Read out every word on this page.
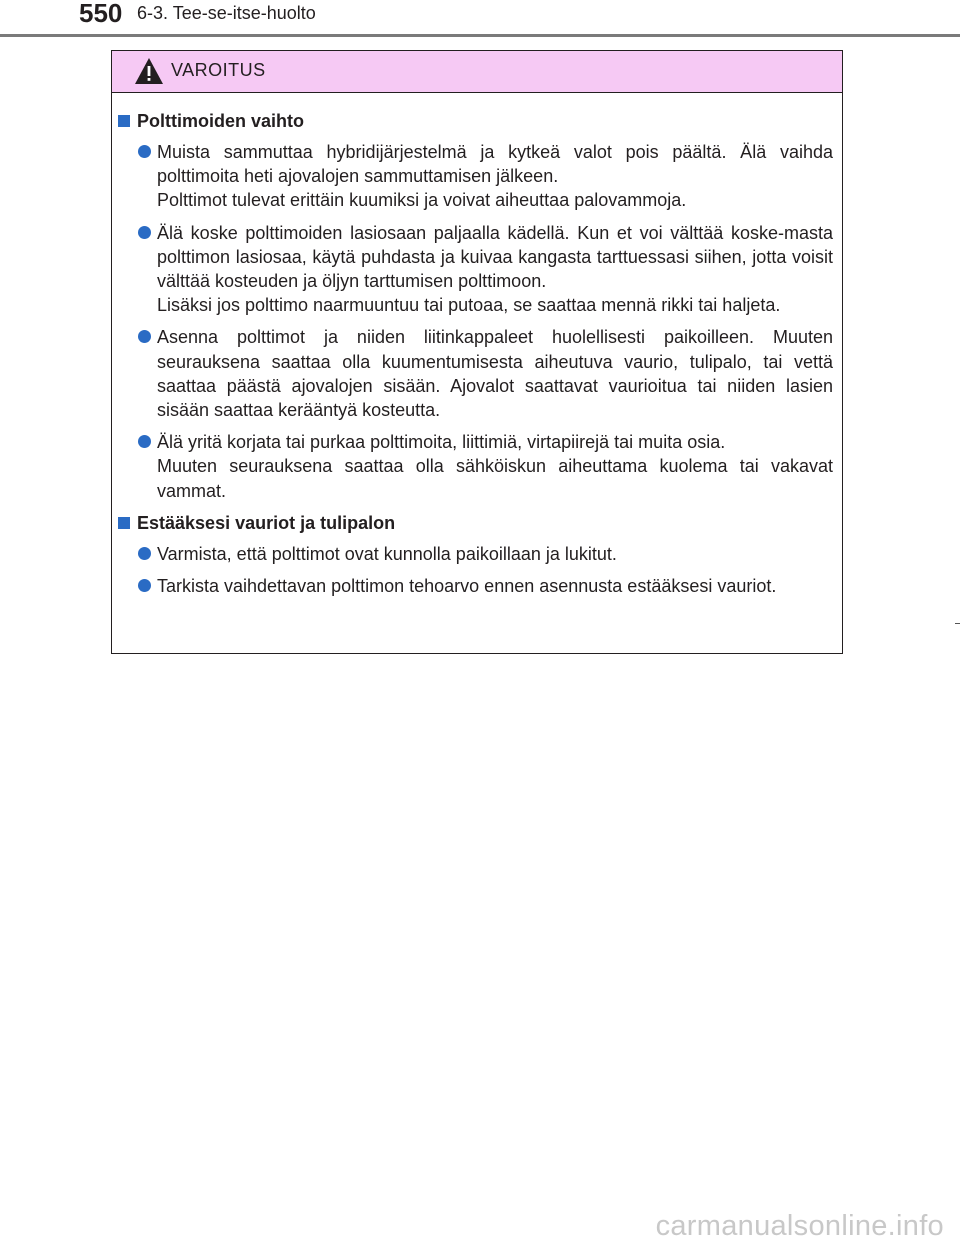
550 6-3. Tee-se-itse-huolto
VAROITUS
Polttimoiden vaihto

Muista sammuttaa hybridijärjestelmä ja kytkeä valot pois päältä. Älä vaihda polttimoita heti ajovalojen sammuttamisen jälkeen.

Polttimot tulevat erittäin kuumiksi ja voivat aiheuttaa palovammoja.

Älä koske polttimoiden lasiosaan paljaalla kädellä. Kun et voi välttää koske-masta polttimon lasiosaa, käytä puhdasta ja kuivaa kangasta tarttuessasi siihen, jotta voisit välttää kosteuden ja öljyn tarttumisen polttimoon.

Lisäksi jos polttimo naarmuuntuu tai putoaa, se saattaa mennä rikki tai haljeta.

Asenna polttimot ja niiden liitinkappaleet huolellisesti paikoilleen. Muuten seurauksena saattaa olla kuumentumisesta aiheutuva vaurio, tulipalo, tai vettä saattaa päästä ajovalojen sisään. Ajovalot saattavat vaurioitua tai niiden lasien sisään saattaa kerääntyä kosteutta.

Älä yritä korjata tai purkaa polttimoita, liittimiä, virtapiirejä tai muita osia.

Muuten seurauksena saattaa olla sähköiskun aiheuttama kuolema tai vakavat vammat.

Estääksesi vauriot ja tulipalon

Varmista, että polttimot ovat kunnolla paikoillaan ja lukitut.

Tarkista vaihdettavan polttimon tehoarvo ennen asennusta estääksesi vauriot.

carmanualsonline.info
